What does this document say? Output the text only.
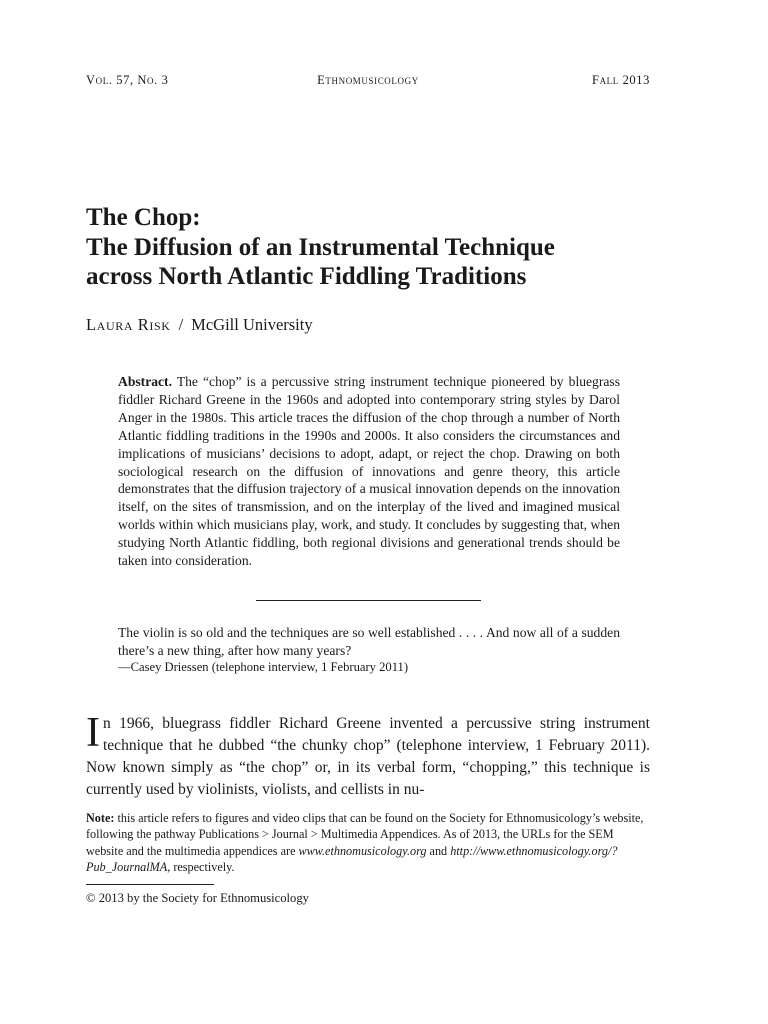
Vol. 57, No. 3	Ethnomusicology	Fall 2013
The Chop:
The Diffusion of an Instrumental Technique
across North Atlantic Fiddling Traditions
Laura Risk / McGill University
Abstract. The “chop” is a percussive string instrument technique pioneered by bluegrass fiddler Richard Greene in the 1960s and adopted into contemporary string styles by Darol Anger in the 1980s. This article traces the diffusion of the chop through a number of North Atlantic fiddling traditions in the 1990s and 2000s. It also considers the circumstances and implications of musicians’ decisions to adopt, adapt, or reject the chop. Drawing on both sociological research on the diffusion of innovations and genre theory, this article demonstrates that the diffusion trajectory of a musical innovation depends on the innovation itself, on the sites of transmission, and on the interplay of the lived and imagined musical worlds within which musicians play, work, and study. It concludes by suggesting that, when studying North Atlantic fiddling, both regional divisions and generational trends should be taken into consideration.
The violin is so old and the techniques are so well established . . . . And now all of a sudden there’s a new thing, after how many years?
—Casey Driessen (telephone interview, 1 February 2011)
In 1966, bluegrass fiddler Richard Greene invented a percussive string instrument technique that he dubbed “the chunky chop” (telephone interview, 1 February 2011). Now known simply as “the chop” or, in its verbal form, “chopping,” this technique is currently used by violinists, violists, and cellists in nu-
Note: this article refers to figures and video clips that can be found on the Society for Ethnomusicology’s website, following the pathway Publications > Journal > Multimedia Appendices. As of 2013, the URLs for the SEM website and the multimedia appendices are www.ethnomusicology.org and http://www.ethnomusicology.org/?Pub_JournalMA, respectively.
© 2013 by the Society for Ethnomusicology
